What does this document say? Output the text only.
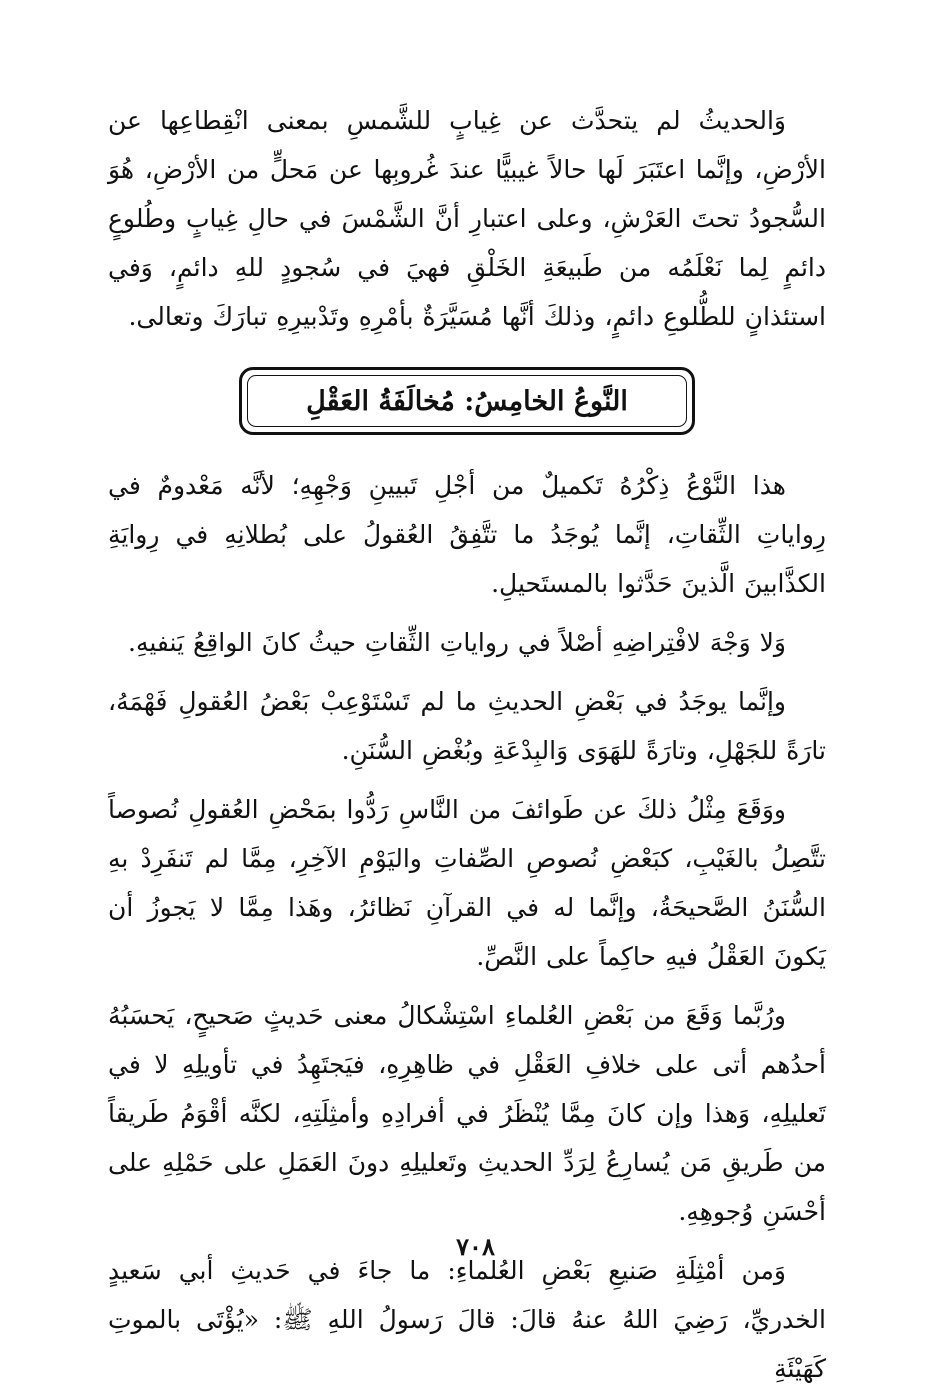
وَالحديثُ لم يتحدَّث عن غِيابٍ للشَّمسِ بمعنى انْقِطاعِها عن الأرْضِ، وإنَّما اعتَبَرَ لَها حالاً غيبيًّا عندَ غُروبِها عن مَحلٍّ من الأرْضِ، هُوَ السُّجودُ تحتَ العَرْشِ، وعلى اعتبارِ أنَّ الشَّمْسَ في حالِ غِيابٍ وطُلوعٍ دائمٍ لِما نَعْلَمُه من طَبيعَةِ الخَلْقِ فهيَ في سُجودٍ للهِ دائمٍ، وَفي استئذانٍ للطُّلوعِ دائمٍ، وذلكَ أنَّها مُسَيَّرَةٌ بأمْرِهِ وتَدْبيرِهِ تبارَكَ وتعالى.

النَّوعُ الخامِسُ: مُخالَفَةُ العَقْلِ

هذا النَّوْعُ ذِكْرُهُ تَكميلٌ من أجْلِ تَبيينِ وَجْهِهِ؛ لأنَّه مَعْدومٌ في رِواياتِ الثِّقاتِ، إنَّما يُوجَدُ ما تتَّفِقُ العُقولُ على بُطلانِهِ في رِوايَةِ الكذَّابينَ الَّذينَ حَدَّثوا بالمستَحيلِ.

وَلا وَجْهَ لافْتِراضِهِ أصْلاً في رواياتِ الثِّقاتِ حيثُ كانَ الواقِعُ يَنفيهِ.

وإنَّما يوجَدُ في بَعْضِ الحديثِ ما لم تَسْتَوْعِبْ بَعْضُ العُقولِ فَهْمَهُ، تارَةً للجَهْلِ، وتارَةً للهَوَى وَالبِدْعَةِ وبُغْضِ السُّنَنِ.

ووَقَعَ مِثْلُ ذلكَ عن طَوائفَ من النَّاسِ رَدُّوا بمَحْضِ العُقولِ نُصوصاً تتَّصِلُ بالغَيْبِ، كبَعْضِ نُصوصِ الصِّفاتِ واليَوْمِ الآخِرِ، مِمَّا لم تَنفَرِدْ بهِ السُّنَنُ الصَّحيحَةُ، وإنَّما له في القرآنِ نَظائرُ، وهَذا مِمَّا لا يَجوزُ أن يَكونَ العَقْلُ فيهِ حاكِماً على النَّصِّ.

ورُبَّما وَقَعَ من بَعْضِ العُلماءِ اسْتِشْكالُ معنى حَديثٍ صَحيحٍ، يَحسَبُهُ أحدُهم أتى على خلافِ العَقْلِ في ظاهِرِهِ، فيَجتَهِدُ في تأويلِهِ لا في تَعليلِهِ، وَهذا وإن كانَ مِمَّا يُنْظَرُ في أفرادِهِ وأمثِلَتِهِ، لكنَّه أقْوَمُ طَريقاً من طَريقِ مَن يُسارِعُ لِرَدِّ الحديثِ وتَعليلِهِ دونَ العَمَلِ على حَمْلِهِ على أحْسَنِ وُجوهِهِ.

وَمن أمْثِلَةِ صَنيعِ بَعْضِ العُلماءِ: ما جاءَ في حَديثِ أبي سَعيدٍ الخدريِّ، رَضِيَ اللهُ عنهُ قالَ: قالَ رَسولُ اللهِ ﷺ: «يُؤْتَى بالموتِ كَهَيْئَةِ

٧٠٨
